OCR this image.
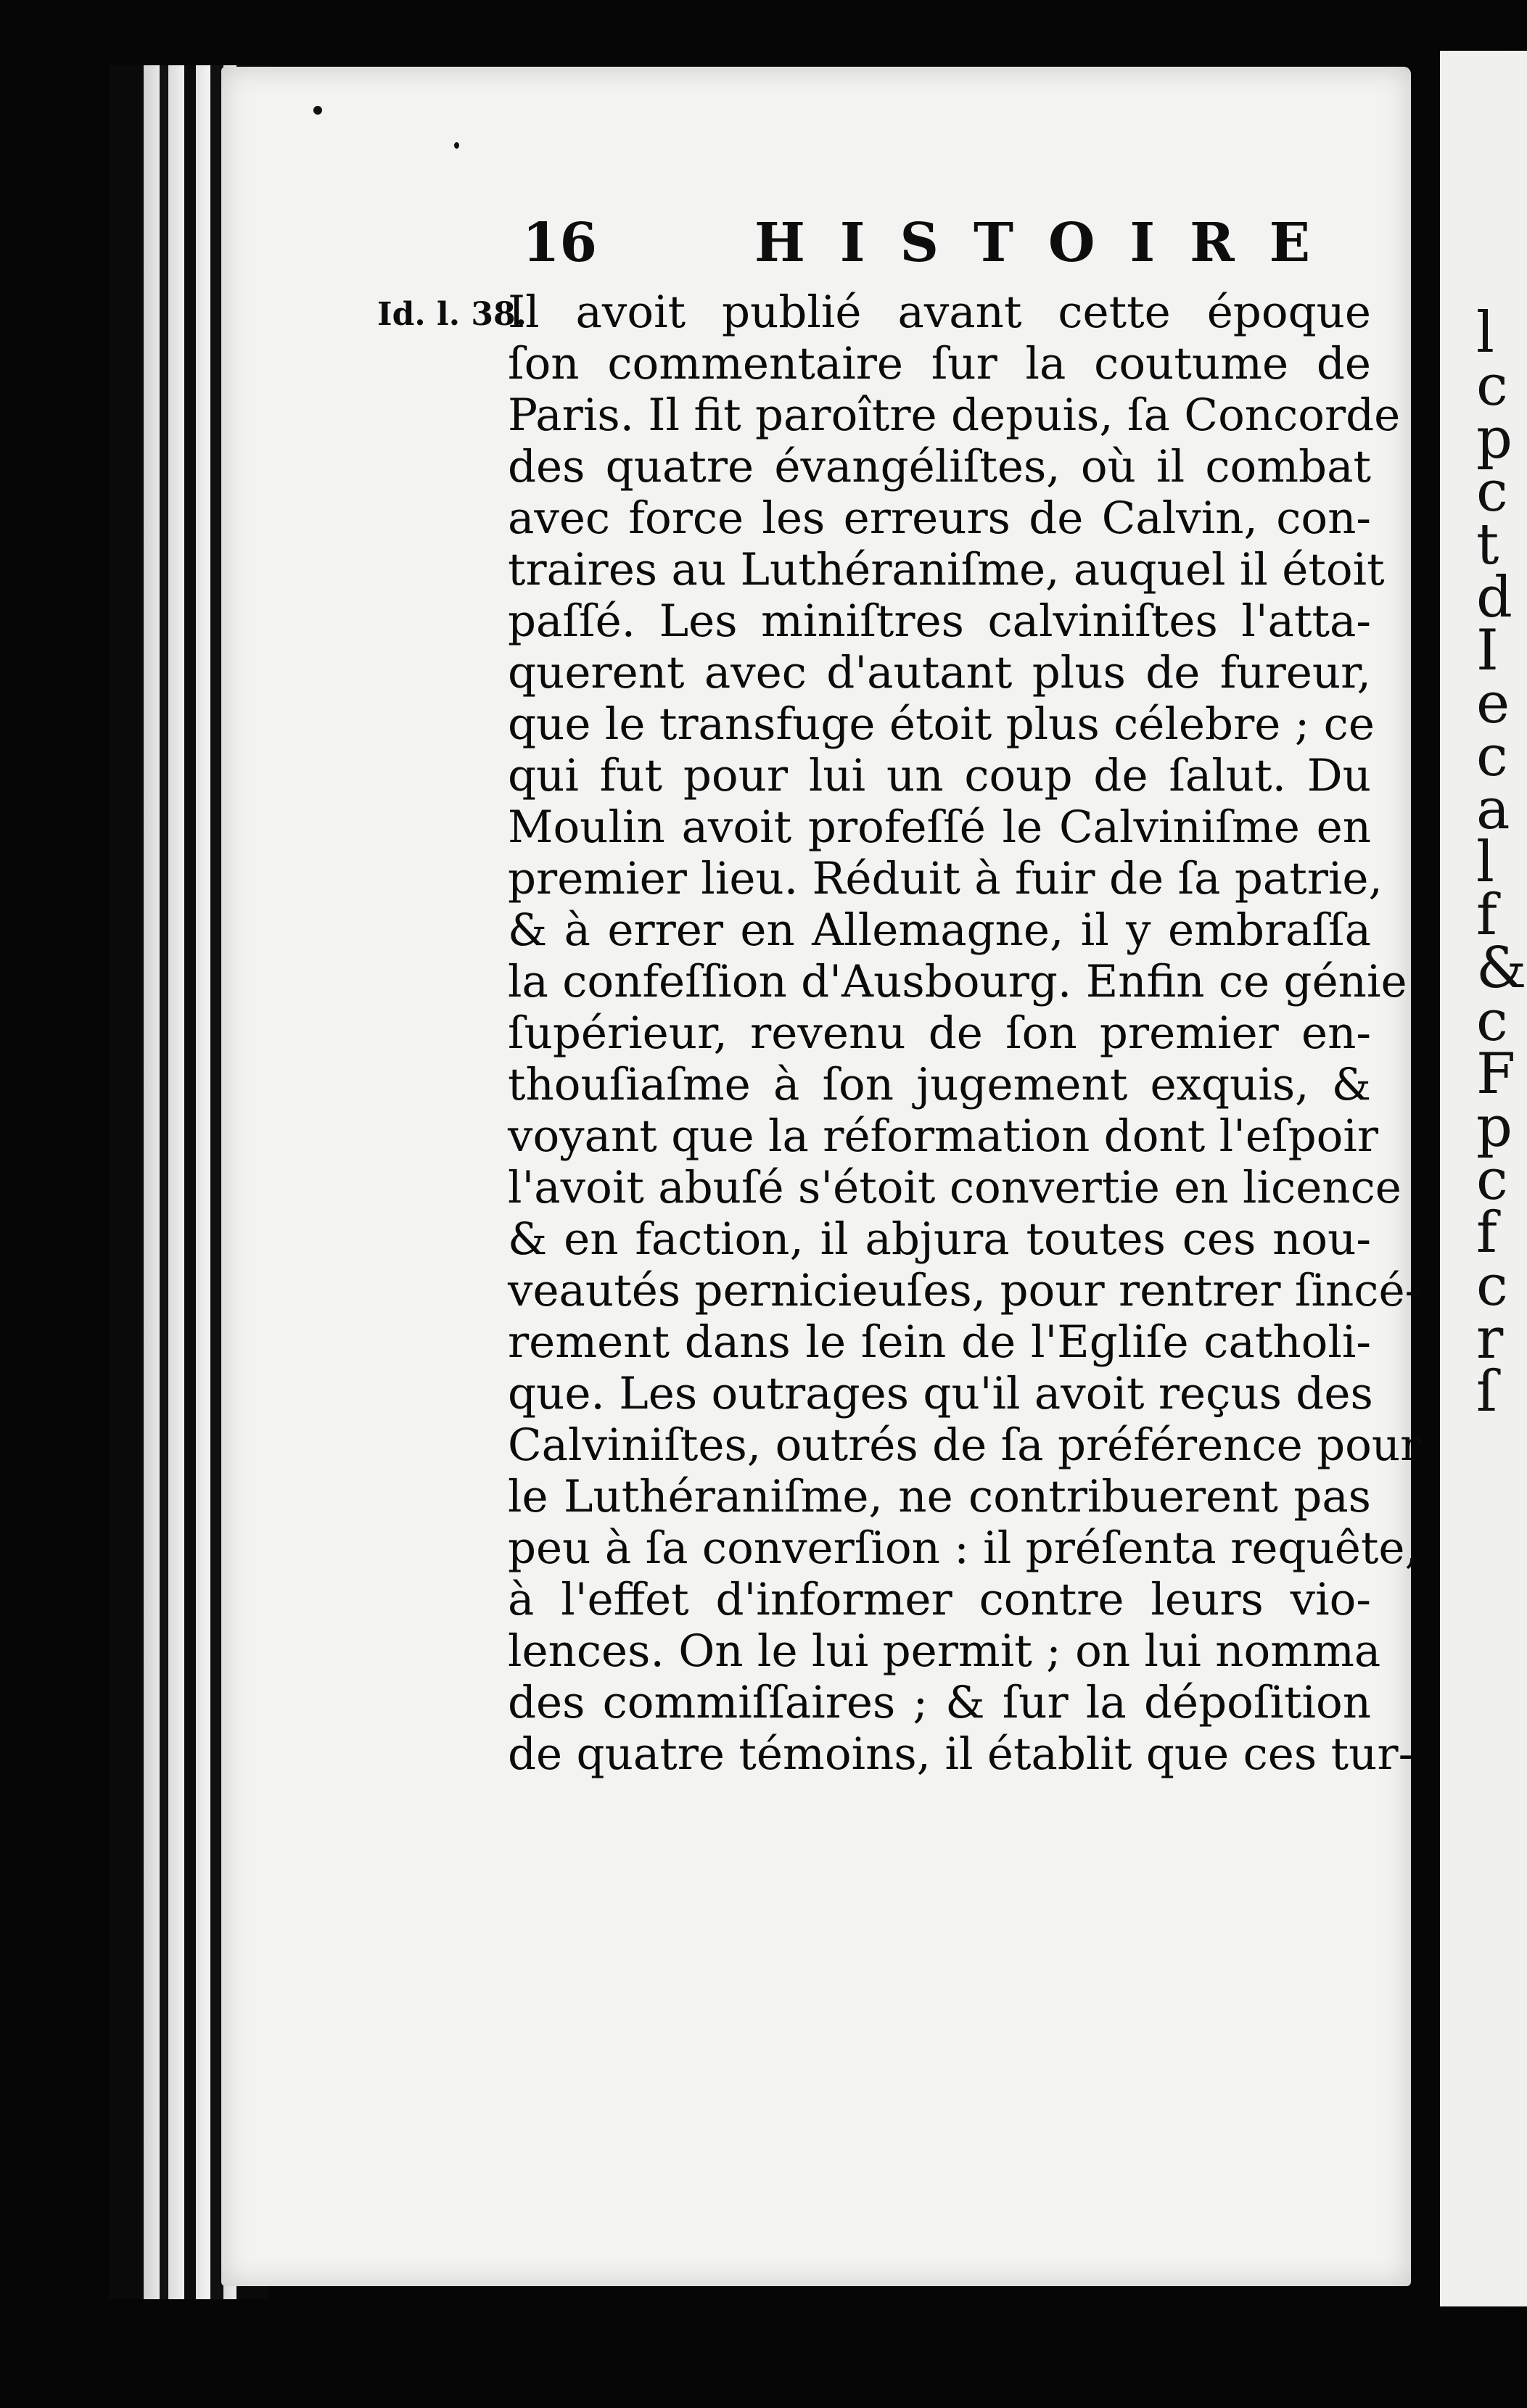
l
c
p
c
t
d
I
e
c
a
l
f
&
c
F
p
c
f
c
r
ſ
16	HISTOIRE
Id. l. 38.
Il avoit publié avant cette époque
ſon commentaire ſur la coutume de
Paris. Il fit paroître depuis, ſa Concorde
des quatre évangéliſtes, où il combat
avec force les erreurs de Calvin, con-
traires au Luthéraniſme, auquel il étoit
paſſé. Les miniſtres calviniſtes l'atta-
querent avec d'autant plus de fureur,
que le transfuge étoit plus célebre ; ce
qui fut pour lui un coup de ſalut. Du
Moulin avoit profeſſé le Calviniſme en
premier lieu. Réduit à fuir de ſa patrie,
& à errer en Allemagne, il y embraſſa
la confeſſion d'Ausbourg. Enfin ce génie
ſupérieur, revenu de ſon premier en-
thouſiaſme à ſon jugement exquis, &
voyant que la réformation dont l'eſpoir
l'avoit abuſé s'étoit convertie en licence
& en faction, il abjura toutes ces nou-
veautés pernicieuſes, pour rentrer ſincé-
rement dans le ſein de l'Egliſe catholi-
que. Les outrages qu'il avoit reçus des
Calviniſtes, outrés de ſa préférence pour
le Luthéraniſme, ne contribuerent pas
peu à ſa converſion : il préſenta requête,
à l'effet d'informer contre leurs vio-
lences. On le lui permit ; on lui nomma
des commiſſaires ; & ſur la dépoſition
de quatre témoins, il établit que ces tur-
